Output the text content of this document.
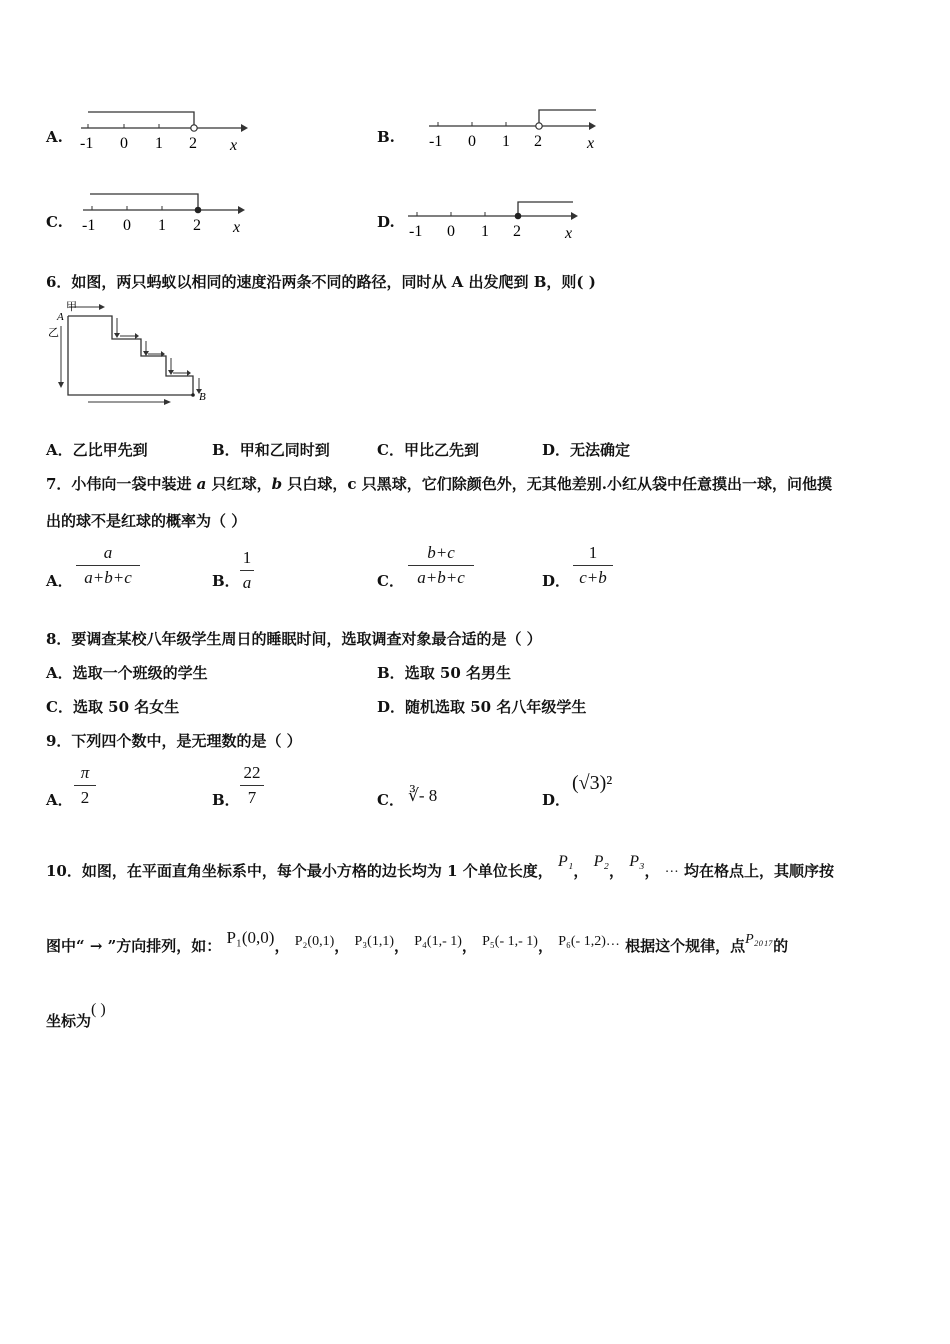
A. -1 0 1 2 x	B. -1 0 1 2	x
C. -1 0 1 2 x	D.
-1 0 1 2	x
6．如图，两只蚂蚁以相同的速度沿两条不同的路径，同时从 A 出发爬到 B，则( )
甲
A
乙
B
A．乙比甲先到	B．甲和乙同时到	C．甲比乙先到	D．无法确定
7．小伟向一袋中装进 a 只红球，b 只白球，c 只黑球，它们除颜色外，无其他差别.小红从袋中任意摸出一球，问他摸
出的球不是红球的概率为（ ）
A．
a
a+b+c	B．
1
a	C．
b+c
a+b+c	D．
1
c+b
8．要调查某校八年级学生周日的睡眠时间，选取调查对象最合适的是（ ）
A．选取一个班级的学生	B．选取 50 名男生
C．选取 50 名女生	D．随机选取 50 名八年级学生
9．下列四个数中，是无理数的是（ ）
A．
π
2	B．
22
7	C． ∛- 8	D．
(√3)²
10．如图，在平面直角坐标系中，每个最小方格的边长均为 1 个单位长度， P₁， P₂， P₃， … 均在格点上，其顺序按
图中“ → ”方向排列，如： P₁(0,0)， P₂(0,1)， P₃(1,1)， P₄(1,- 1)， P₅(- 1,- 1)， P₆(- 1,2)… 根据这个规律，点P₂₀₁₇的
坐标为( )
